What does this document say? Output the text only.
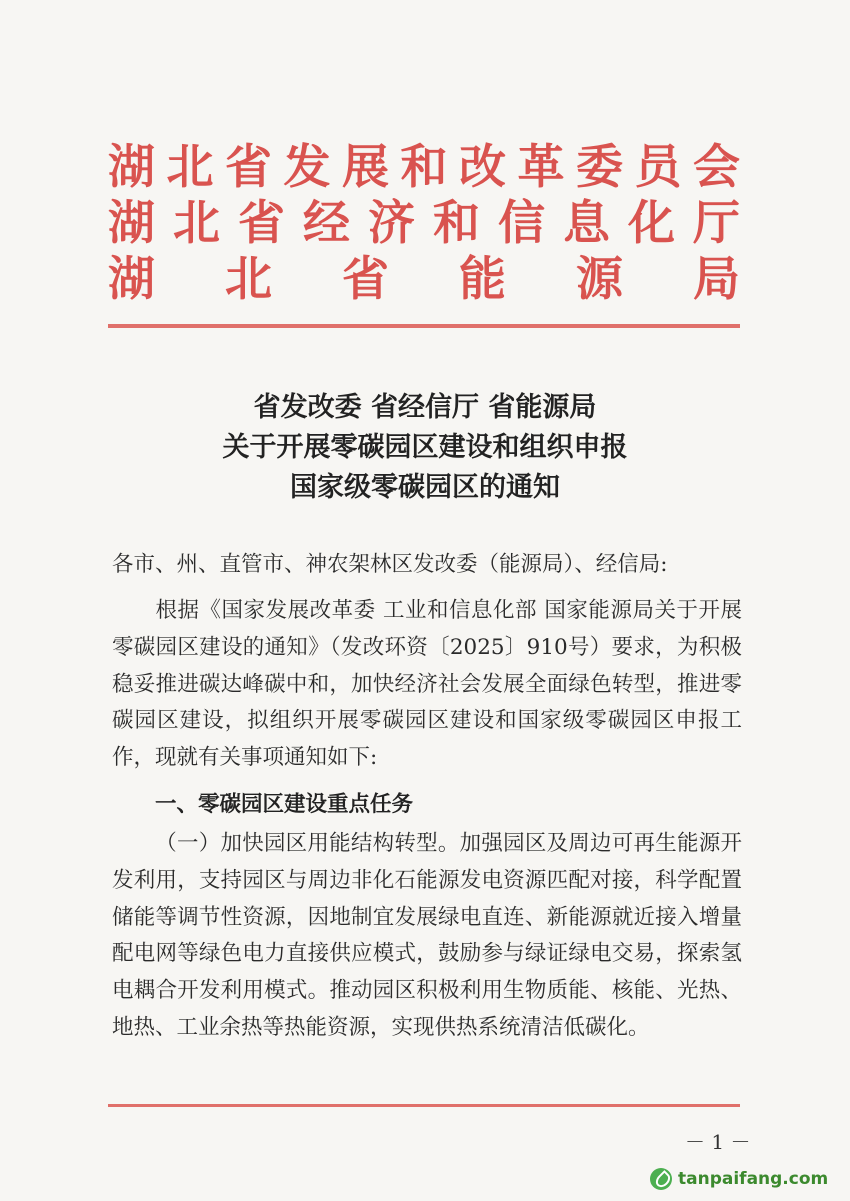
湖 北 省 发 展 和 改 革 委 员 会
湖 北 省 经 济 和 信 息 化 厅
湖 北 省 能 源 局
省发改委 省经信厅 省能源局
关于开展零碳园区建设和组织申报
国家级零碳园区的通知
各市、州、直管市、神农架林区发改委（能源局）、经信局:
根据《国家发展改革委 工业和信息化部 国家能源局关于开展零碳园区建设的通知》（发改环资〔2025〕910号）要求，为积极稳妥推进碳达峰碳中和，加快经济社会发展全面绿色转型，推进零碳园区建设，拟组织开展零碳园区建设和国家级零碳园区申报工作，现就有关事项通知如下:
一、零碳园区建设重点任务
（一）加快园区用能结构转型。加强园区及周边可再生能源开发利用，支持园区与周边非化石能源发电资源匹配对接，科学配置储能等调节性资源，因地制宜发展绿电直连、新能源就近接入增量配电网等绿色电力直接供应模式，鼓励参与绿证绿电交易，探索氢电耦合开发利用模式。推动园区积极利用生物质能、核能、光热、地热、工业余热等热能资源，实现供热系统清洁低碳化。
－ 1 －
tanpaifang.com
